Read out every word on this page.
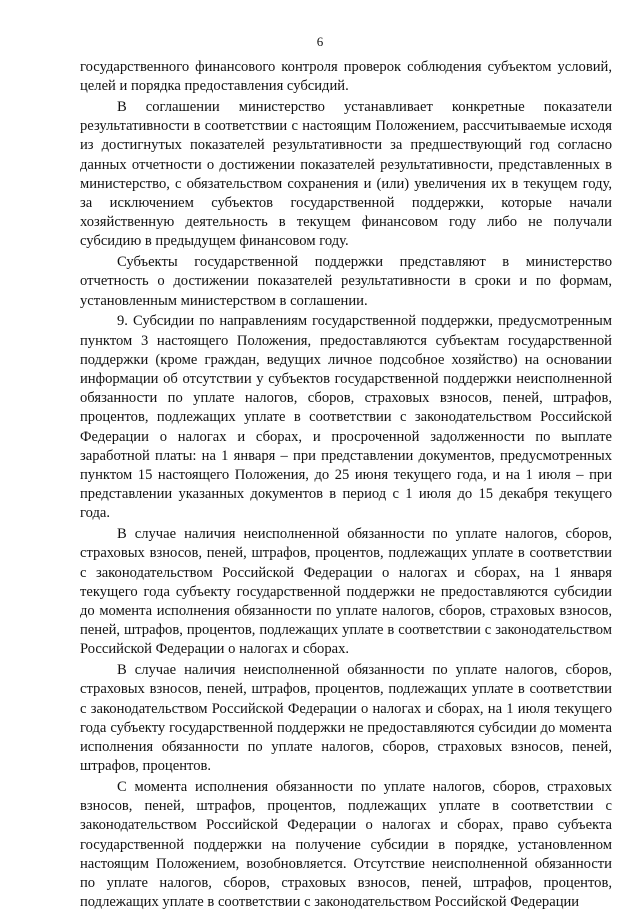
6

государственного финансового контроля проверок соблюдения субъектом условий, целей и порядка предоставления субсидий.

В соглашении министерство устанавливает конкретные показатели результативности в соответствии с настоящим Положением, рассчитываемые исходя из достигнутых показателей результативности за предшествующий год согласно данных отчетности о достижении показателей результативности, представленных в министерство, с обязательством сохранения и (или) увеличения их в текущем году, за исключением субъектов государственной поддержки, которые начали хозяйственную деятельность в текущем финансовом году либо не получали субсидию в предыдущем финансовом году.

Субъекты государственной поддержки представляют в министерство отчетность о достижении показателей результативности в сроки и по формам, установленным министерством в соглашении.

9. Субсидии по направлениям государственной поддержки, предусмотренным пунктом 3 настоящего Положения, предоставляются субъектам государственной поддержки (кроме граждан, ведущих личное подсобное хозяйство) на основании информации об отсутствии у субъектов государственной поддержки неисполненной обязанности по уплате налогов, сборов, страховых взносов, пеней, штрафов, процентов, подлежащих уплате в соответствии с законодательством Российской Федерации о налогах и сборах, и просроченной задолженности по выплате заработной платы: на 1 января – при представлении документов, предусмотренных пунктом 15 настоящего Положения, до 25 июня текущего года, и на 1 июля – при представлении указанных документов в период с 1 июля до 15 декабря текущего года.

В случае наличия неисполненной обязанности по уплате налогов, сборов, страховых взносов, пеней, штрафов, процентов, подлежащих уплате в соответствии с законодательством Российской Федерации о налогах и сборах, на 1 января текущего года субъекту государственной поддержки не предоставляются субсидии до момента исполнения обязанности по уплате налогов, сборов, страховых взносов, пеней, штрафов, процентов, подлежащих уплате в соответствии с законодательством Российской Федерации о налогах и сборах.

В случае наличия неисполненной обязанности по уплате налогов, сборов, страховых взносов, пеней, штрафов, процентов, подлежащих уплате в соответствии с законодательством Российской Федерации о налогах и сборах, на 1 июля текущего года субъекту государственной поддержки не предоставляются субсидии до момента исполнения обязанности по уплате налогов, сборов, страховых взносов, пеней, штрафов, процентов.

С момента исполнения обязанности по уплате налогов, сборов, страховых взносов, пеней, штрафов, процентов, подлежащих уплате в соответствии с законодательством Российской Федерации о налогах и сборах, право субъекта государственной поддержки на получение субсидии в порядке, установленном настоящим Положением, возобновляется. Отсутствие неисполненной обязанности по уплате налогов, сборов, страховых взносов, пеней, штрафов, процентов, подлежащих уплате в соответствии с законодательством Российской Федерации
